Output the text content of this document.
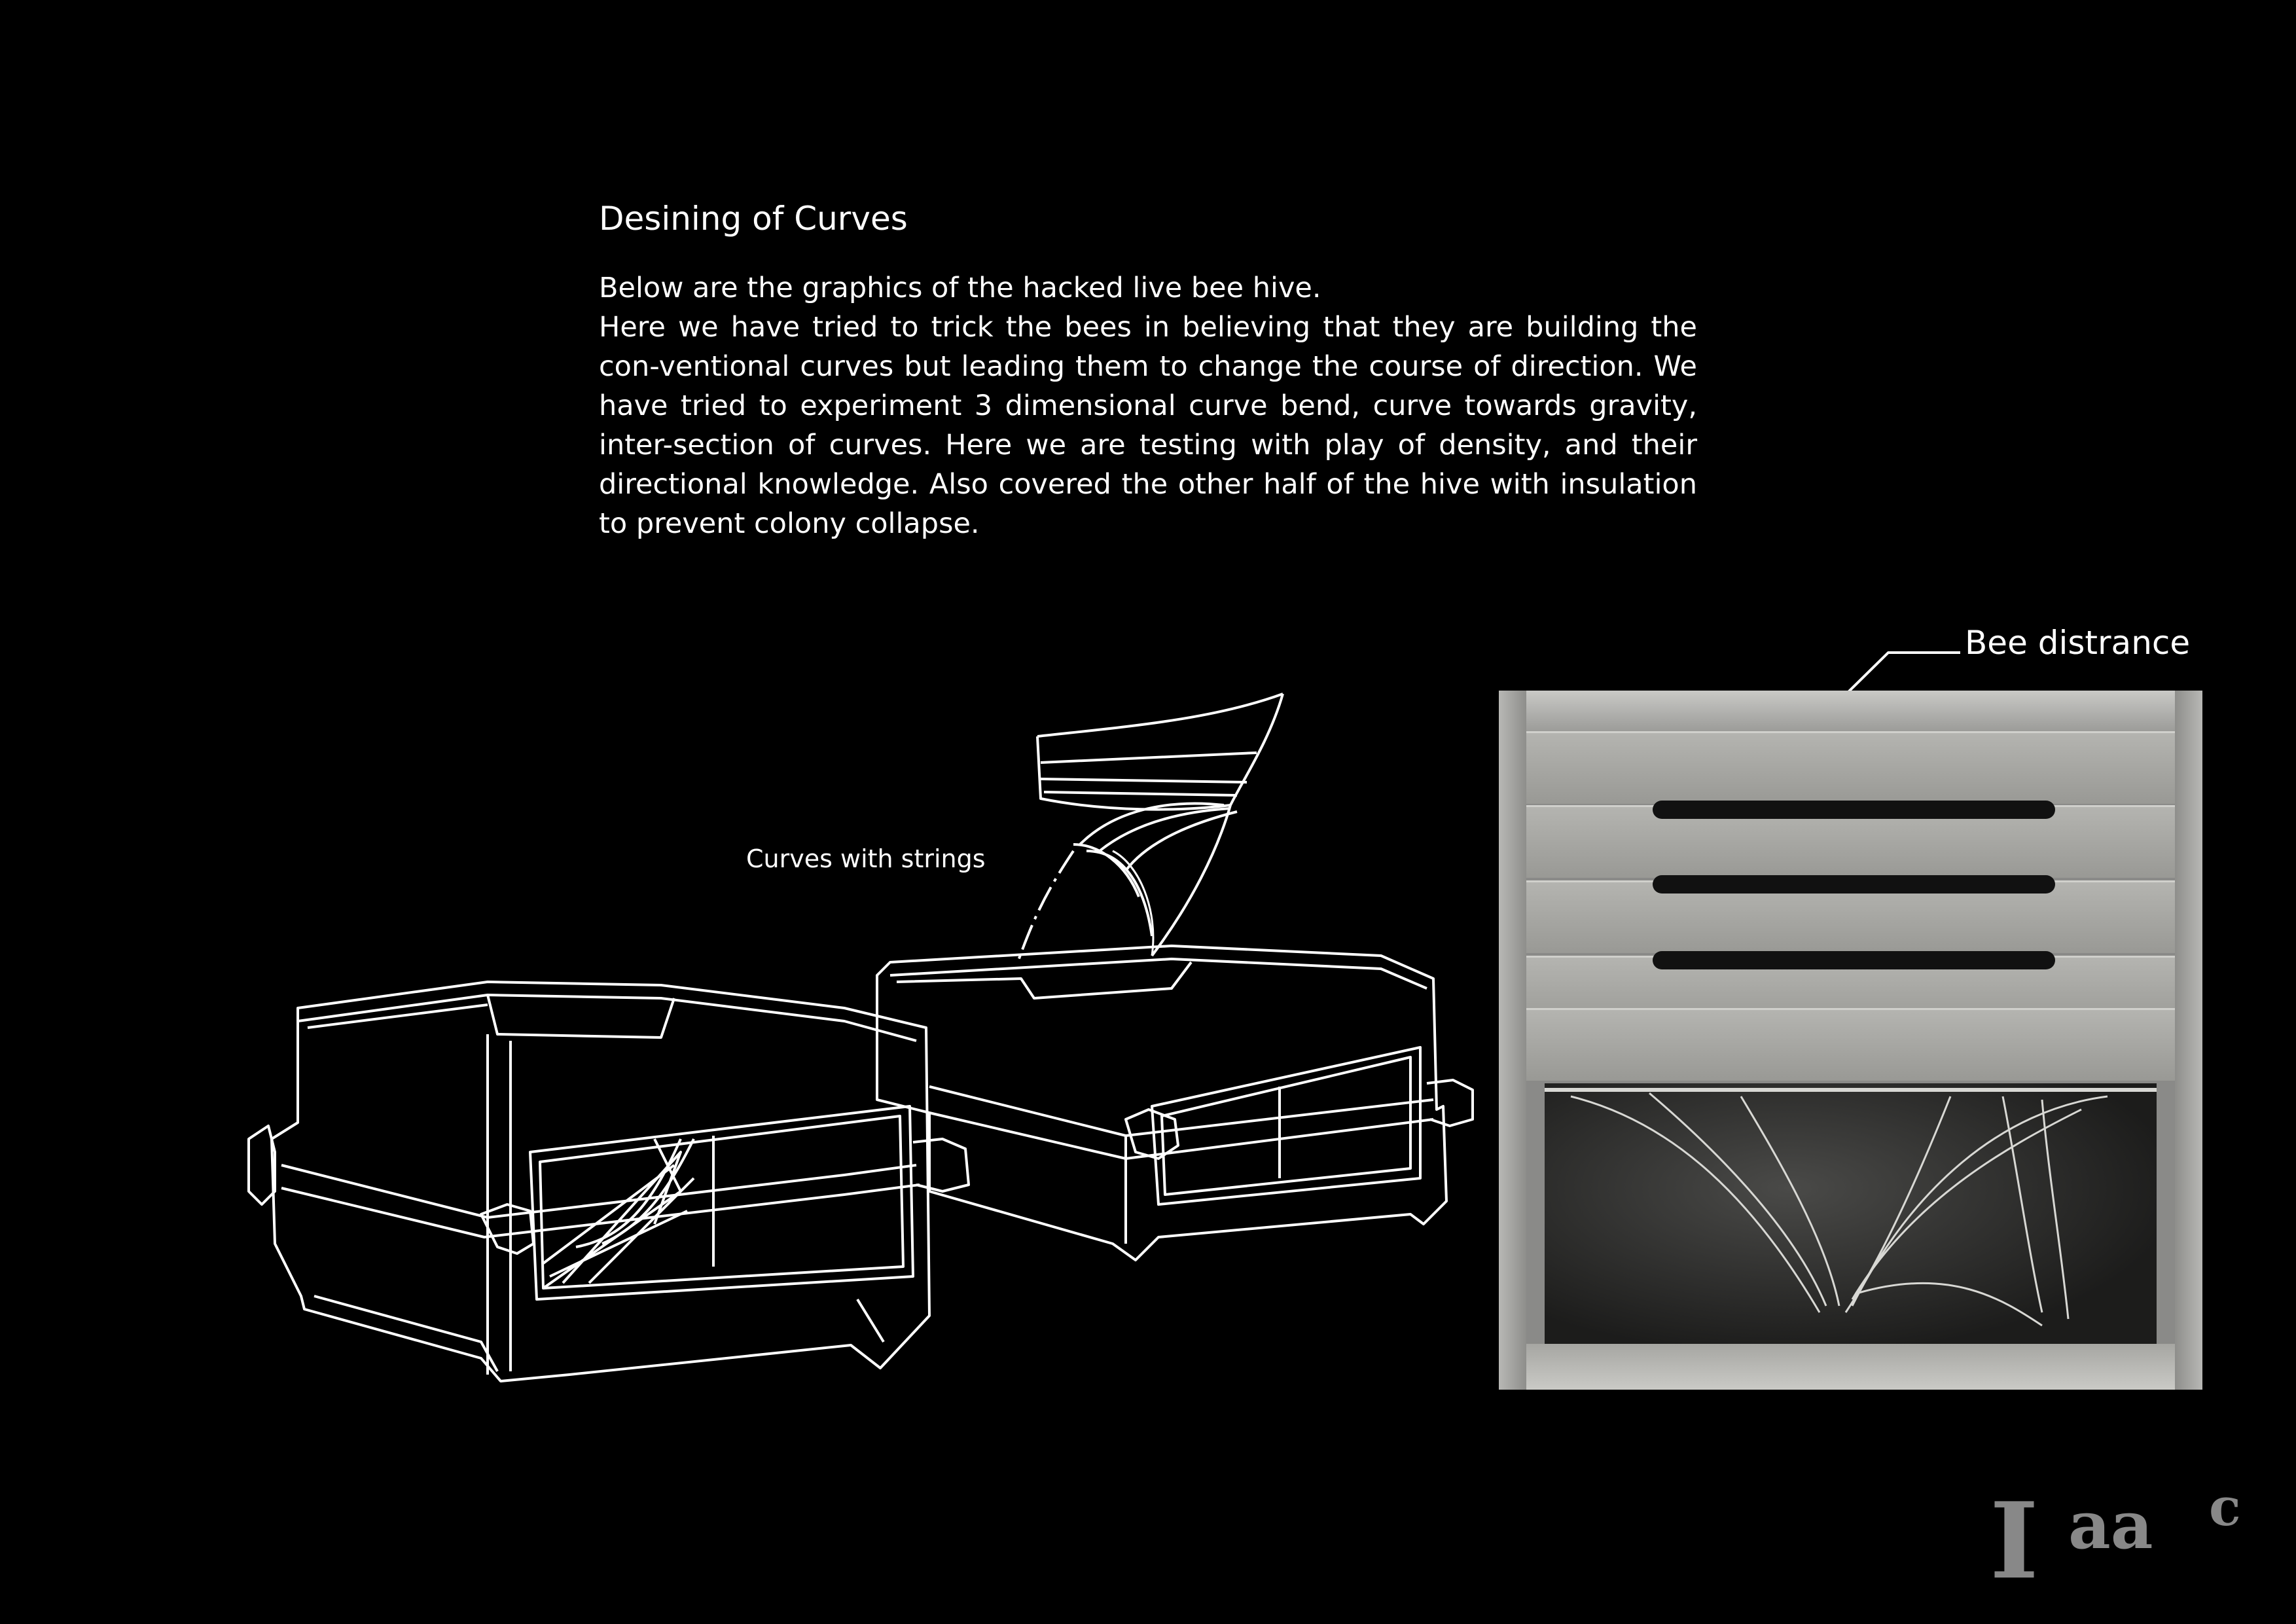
Desining of Curves

Below are the graphics of the hacked live bee hive.

Here we have tried to trick the bees in believing that they are building the con-ventional curves but leading them to change the course of direction. We have tried to experiment 3 dimensional curve bend, curve towards gravity, inter-section of curves. Here we are testing with play of density, and their directional knowledge. Also covered the other half of the hive with insulation to prevent colony collapse.

Curves with strings
Bee distrance
I aa c
